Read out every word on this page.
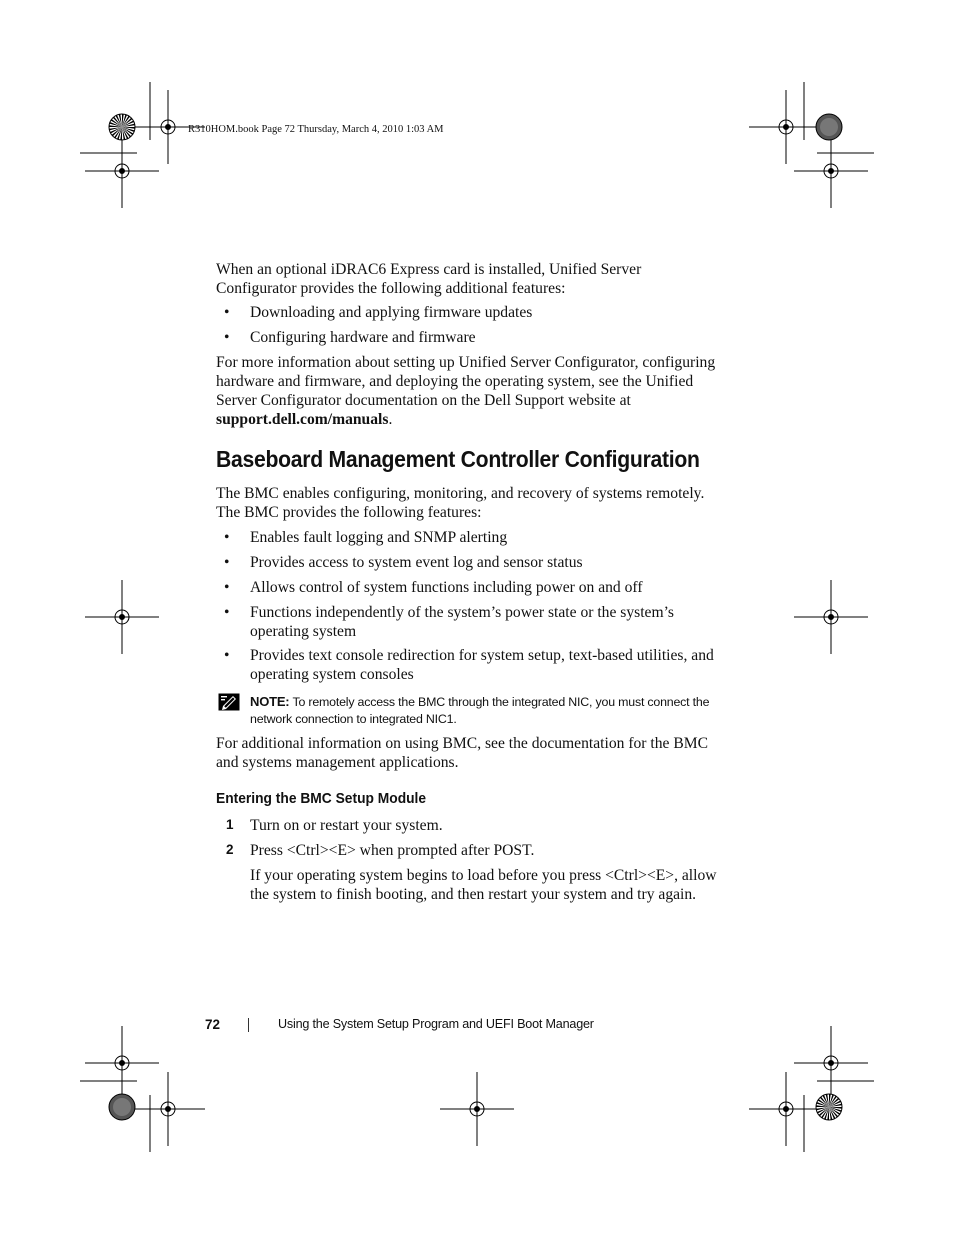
R310HOM.book Page 72 Thursday, March 4, 2010 1:03 AM
When an optional iDRAC6 Express card is installed, Unified Server Configurator provides the following additional features:
• Downloading and applying firmware updates
• Configuring hardware and firmware
For more information about setting up Unified Server Configurator, configuring hardware and firmware, and deploying the operating system, see the Unified Server Configurator documentation on the Dell Support website at support.dell.com/manuals.
Baseboard Management Controller Configuration
The BMC enables configuring, monitoring, and recovery of systems remotely. The BMC provides the following features:
• Enables fault logging and SNMP alerting
• Provides access to system event log and sensor status
• Allows control of system functions including power on and off
• Functions independently of the system’s power state or the system’s operating system
• Provides text console redirection for system setup, text-based utilities, and operating system consoles
NOTE: To remotely access the BMC through the integrated NIC, you must connect the network connection to integrated NIC1.
For additional information on using BMC, see the documentation for the BMC and systems management applications.
Entering the BMC Setup Module
1 Turn on or restart your system.
2 Press <Ctrl><E> when prompted after POST.
If your operating system begins to load before you press <Ctrl><E>, allow the system to finish booting, and then restart your system and try again.
72	Using the System Setup Program and UEFI Boot Manager
